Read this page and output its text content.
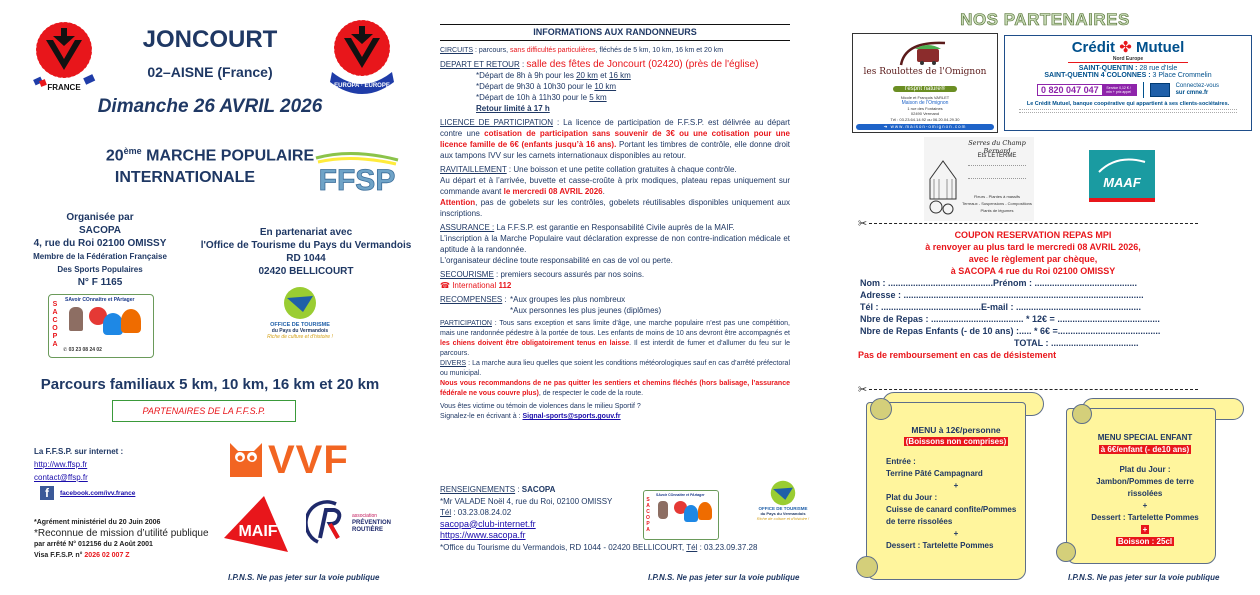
FRANCE
JONCOURT
02–AISNE (France)
EUROPA · EUROPE
Dimanche 26 AVRIL 2026
20ème MARCHE POPULAIRE
INTERNATIONALE	FFSP
Organisée par
SACOPA
4, rue du Roi 02100 OMISSY
Membre de la Fédération Française
Des Sports Populaires
N° F 1165
En partenariat avec
l'Office de Tourisme du Pays du Vermandois
RD 1044
02420 BELLICOURT
SACOPA
SAvoir COnnaître et PArtager
✆ 03 23 08 24 02
OFFICE DE TOURISME
du Pays du Vermandois
Riche de culture et d'histoire !
Parcours familiaux 5 km, 10 km, 16 km et 20 km
PARTENAIRES DE LA F.F.S.P.
La F.F.S.P. sur internet :
http://ww.ffsp.fr
contact@ffsp.fr
f	facebook.com/ivv.france
VVF
MAIF
association
PRÉVENTION
ROUTIÈRE
*Agrément ministériel du 20 Juin 2006
*Reconnue de mission d’utilité publique
par arrêté N° 012156 du 2 Août 2001
Visa F.F.S.P. n° 2026 02 007 Z
I.P.N.S. Ne pas jeter sur la voie publique
INFORMATIONS AUX RANDONNEURS

CIRCUITS : parcours, sans difficultés particulières, fléchés de 5 km, 10 km, 16 km et 20 km

DEPART ET RETOUR : salle des fêtes de Joncourt (02420) (près de l'église)
*Départ de 8h à 9h pour les 20 km et 16 km
*Départ de 9h30 à 10h30 pour le 10 km
*Départ de 10h à 11h30 pour le 5 km
Retour limité à 17 h

LICENCE DE PARTICIPATION : La licence de participation de F.F.S.P. est délivrée au départ contre une cotisation de participation sans souvenir de 3€ ou une cotisation pour une licence famille de 6€ (enfants jusqu’à 16 ans). Portant les timbres de contrôle, elle donne droit aux tampons IVV sur les carnets internationaux disponibles au retour.

RAVITAILLEMENT : Une boisson et une petite collation gratuites à chaque contrôle.
Au départ et à l’arrivée, buvette et casse-croûte à prix modiques, plateau repas uniquement sur commande avant le mercredi 08 AVRIL 2026.

Attention, pas de gobelets sur les contrôles, gobelets réutilisables disponibles uniquement aux inscriptions.

ASSURANCE : La F.F.S.P. est garantie en Responsabilité Civile auprès de la MAIF.
L’inscription à la Marche Populaire vaut déclaration expresse de non contre-indication médicale et aptitude à la randonnée.
L'organisateur décline toute responsabilité en cas de vol ou perte.

SECOURISME : premiers secours assurés par nos soins.
☎ International 112

RECOMPENSES : *Aux groupes les plus nombreux
*Aux personnes les plus jeunes (diplômes)

PARTICIPATION : Tous sans exception et sans limite d’âge, une marche populaire n’est pas une compétition, mais une randonnée pédestre à la portée de tous. Les enfants de moins de 10 ans devront être accompagnés et les chiens doivent être obligatoirement tenus en laisse. Il est interdit de fumer et d’allumer du feu sur le parcours.

DIVERS : La marche aura lieu quelles que soient les conditions météorologiques sauf en cas d’arrêté préfectoral ou municipal.
Nous vous recommandons de ne pas quitter les sentiers et chemins fléchés (hors balisage, l’assurance fédérale ne vous couvre plus), de respecter le code de la route.

Vous êtes victime ou témoin de violences dans le milieu Sportif ?
Signalez-le en écrivant à : Signal-sports@sports.gouv.fr

RENSEIGNEMENTS : SACOPA
*Mr VALADE Noël 4, rue du Roi, 02100 OMISSY
Tél : 03.23.08.24.02
sacopa@club-internet.fr
https://www.sacopa.fr
*Office du Tourisme du Vermandois, RD 1044 - 02420 BELLICOURT, Tél : 03.23.09.37.28
SACOPA
SAvoir COnnaître et PArtager
OFFICE DE TOURISME
du Pays du Vermandois
Riche de culture et d'histoire !
I.P.N.S. Ne pas jeter sur la voie publique
NOS PARTENAIRES
les Roulottes de l'Omignon
l'esprit nature®
Nicole et François VARLET
Maison de l'Omignon
1 rue des Fontaines
02490 Vermand
Tél : 03.23.64.14.92 ou 06.20.04.29.30
➜ www.maison-omignon.com
Crédit ✤ Mutuel
Nord Europe
SAINT-QUENTIN : 28 rue d'Isle
SAINT-QUENTIN 4 COLONNES : 3 Place Crommelin
0 820 047 047	Service 0,12 € / min + prix appel
Connectez-vous
sur cmne.fr
Le Crédit Mutuel, banque coopérative qui appartient à ses clients-sociétaires.
Serres du Champ Bernard
Ets LETERME
Fleurs - Plantes à massifs
Terreaux - Suspensions - Compositions
Plants de légumes
MAAF
✂
COUPON RESERVATION REPAS MPI
à renvoyer au plus tard le mercredi 08 AVRIL 2026,
avec le règlement par chèque,
à SACOPA 4 rue du Roi 02100 OMISSY
Nom : ..........................................Prénom : .........................................
Adresse : ................................................................................................
Tél : ........................................E-mail : ..................................................
Nbre de Repas : ..................................... * 12€ = .........................................
Nbre de Repas Enfants (- de 10 ans) :..... * 6€ =.........................................
TOTAL : ...................................
Pas de remboursement en cas de désistement
✂
MENU à 12€/personne
(Boissons non comprises)
Entrée :
Terrine Pâté Campagnard
+
Plat du Jour :
Cuisse de canard confite/Pommes de terre rissolées
+
Dessert : Tartelette Pommes
MENU SPECIAL ENFANT
à 6€/enfant (- de10 ans)
Plat du Jour :
Jambon/Pommes de terre rissolées
+
Dessert : Tartelette Pommes
+
Boisson : 25cl
I.P.N.S. Ne pas jeter sur la voie publique
